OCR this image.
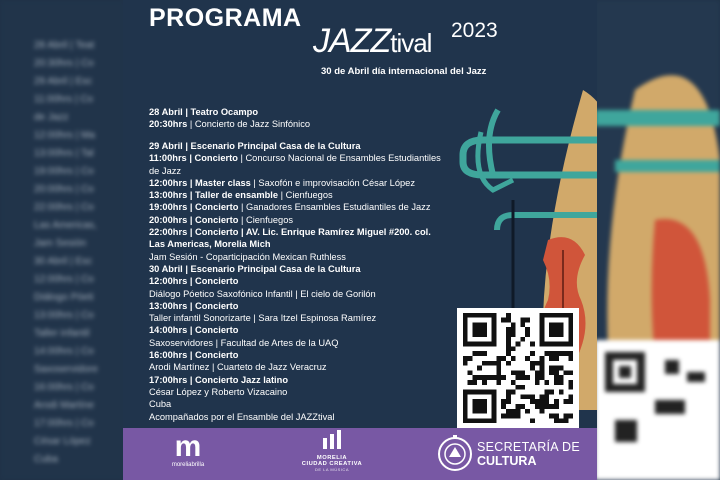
28 Abril | Teat
20:30hrs | Co
29 Abril | Esc
11:00hrs | Co
de Jazz
12:00hrs | Ma
13:00hrs | Tal
19:00hrs | Co
20:00hrs | Co
22:00hrs | Co
Las Americas,
Jam Sesión
30 Abril | Esc
12:00hrs | Co
Diálogo Póeti
13:00hrs | Co
Taller infantil
14:00hrs | Co
Saxoservidore
16:00hrs | Co
Arodi Martíne
17:00hrs | Co
César López
Cuba
PROGRAMA
JAZZtival 2023
30 de Abril día internacional del Jazz
28 Abril | Teatro Ocampo
20:30hrs | Concierto de Jazz Sinfónico
29 Abril | Escenario Principal Casa de la Cultura
11:00hrs | Concierto | Concurso Nacional de Ensambles Estudiantiles
de Jazz
12:00hrs | Master class | Saxofón e improvisación César López
13:00hrs | Taller de ensamble | Cienfuegos
19:00hrs | Concierto | Ganadores Ensambles Estudiantiles de Jazz
20:00hrs | Concierto | Cienfuegos
22:00hrs | Concierto | AV. Lic. Enrique Ramírez Miguel #200. col.
Las Americas, Morelia Mich
Jam Sesión - Coparticipación Mexican Ruthless
30 Abril | Escenario Principal Casa de la Cultura
12:00hrs | Concierto
Diálogo Póetico Saxofónico Infantil | El cielo de Gorilón
13:00hrs | Concierto
Taller infantil Sonorizarte | Sara Itzel Espinosa Ramírez
14:00hrs | Concierto
Saxoservidores | Facultad de Artes de la UAQ
16:00hrs | Concierto
Arodi Martínez | Cuarteto de Jazz Veracruz
17:00hrs | Concierto Jazz latino
César López y Roberto Vizacaino
Cuba
Acompañados por el Ensamble del JAZZtival
m
moreliabrilla
MORELIA
CIUDAD CREATIVA
DE LA MÚSICA
SECRETARÍA DE
CULTURA
